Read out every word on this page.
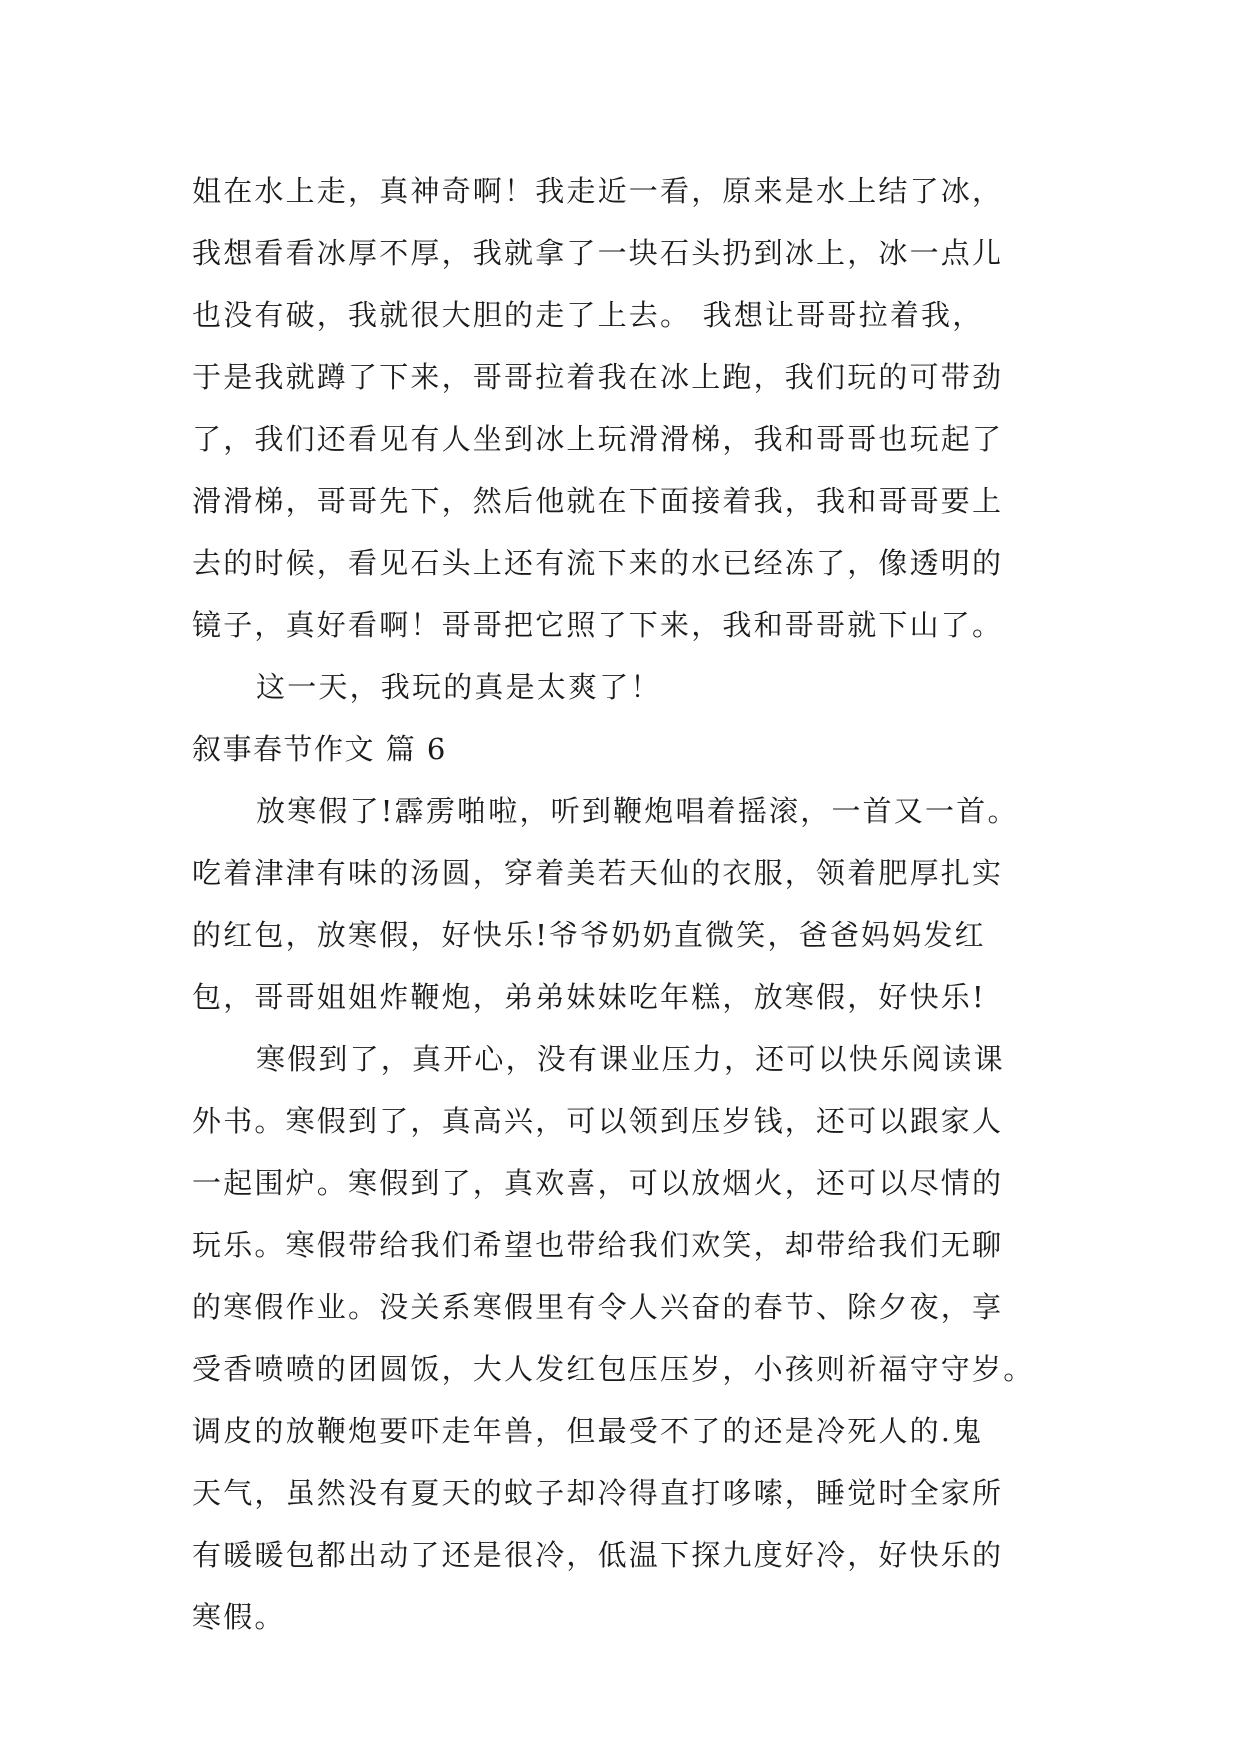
姐在水上走，真神奇啊！我走近一看，原来是水上结了冰，
我想看看冰厚不厚，我就拿了一块石头扔到冰上，冰一点儿
也没有破，我就很大胆的走了上去。 我想让哥哥拉着我，
于是我就蹲了下来，哥哥拉着我在冰上跑，我们玩的可带劲
了，我们还看见有人坐到冰上玩滑滑梯，我和哥哥也玩起了
滑滑梯，哥哥先下，然后他就在下面接着我，我和哥哥要上
去的时候，看见石头上还有流下来的水已经冻了，像透明的
镜子，真好看啊！哥哥把它照了下来，我和哥哥就下山了。
这一天，我玩的真是太爽了！
叙事春节作文 篇 6
放寒假了!霹雳啪啦，听到鞭炮唱着摇滚，一首又一首。
吃着津津有味的汤圆，穿着美若天仙的衣服，领着肥厚扎实
的红包，放寒假，好快乐!爷爷奶奶直微笑，爸爸妈妈发红
包，哥哥姐姐炸鞭炮，弟弟妹妹吃年糕，放寒假，好快乐!
寒假到了，真开心，没有课业压力，还可以快乐阅读课
外书。寒假到了，真高兴，可以领到压岁钱，还可以跟家人
一起围炉。寒假到了，真欢喜，可以放烟火，还可以尽情的
玩乐。寒假带给我们希望也带给我们欢笑，却带给我们无聊
的寒假作业。没关系寒假里有令人兴奋的春节、除夕夜，享
受香喷喷的团圆饭，大人发红包压压岁，小孩则祈福守守岁。
调皮的放鞭炮要吓走年兽，但最受不了的还是冷死人的.鬼
天气，虽然没有夏天的蚊子却冷得直打哆嗦，睡觉时全家所
有暖暖包都出动了还是很冷，低温下探九度好冷，好快乐的
寒假。
